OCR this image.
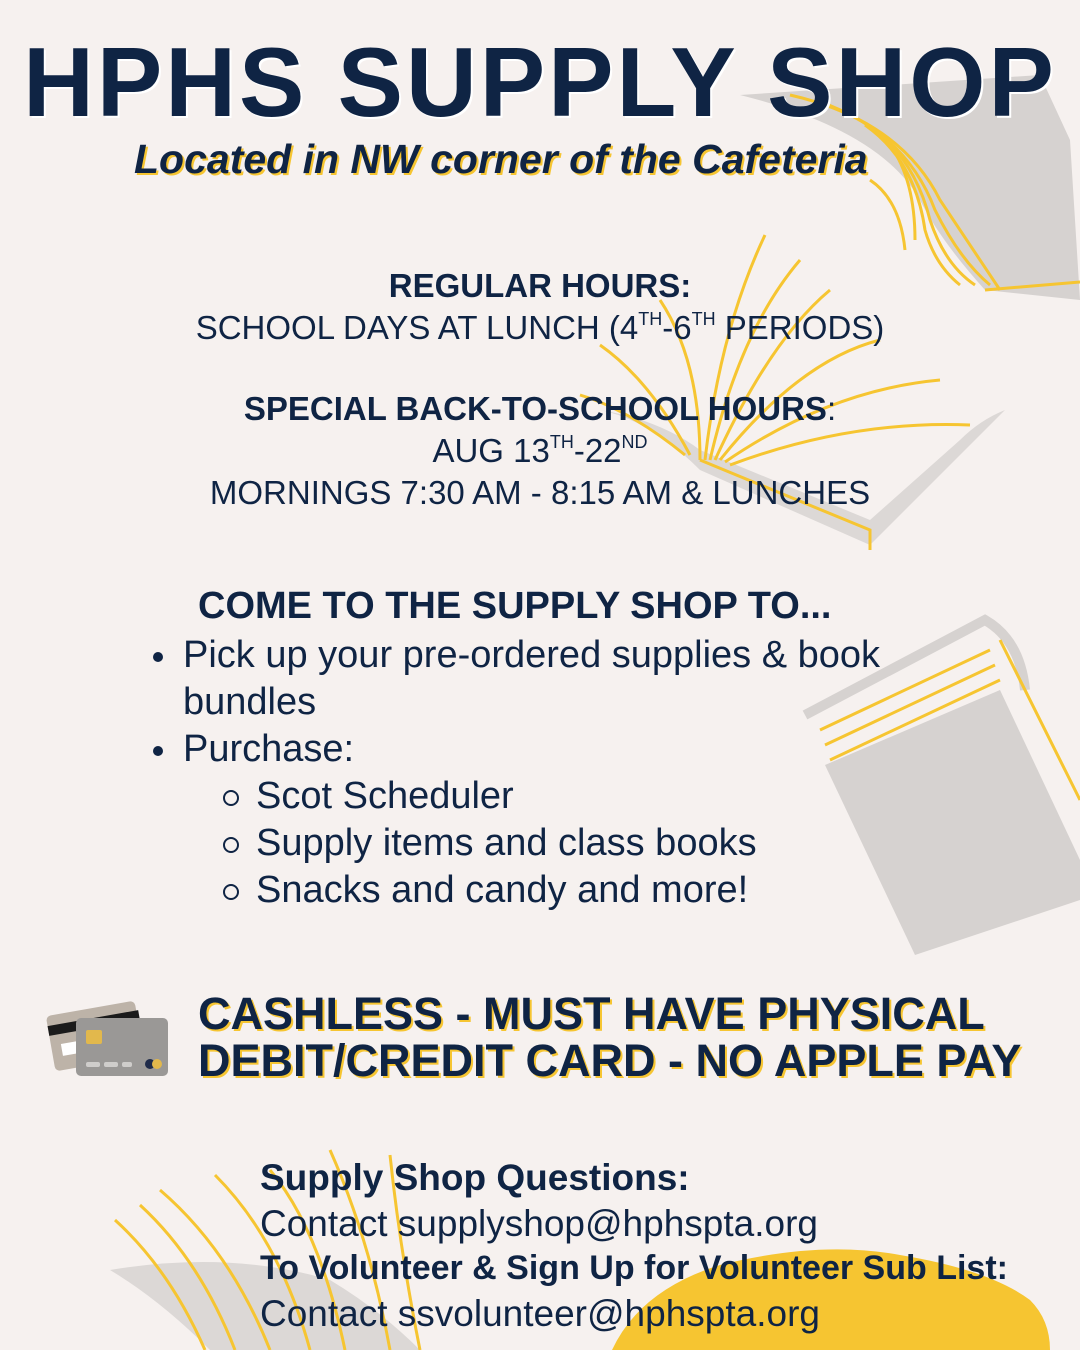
HPHS SUPPLY SHOP

Located in NW corner of the Cafeteria

REGULAR HOURS:
SCHOOL DAYS AT LUNCH (4TH-6TH PERIODS)
SPECIAL BACK-TO-SCHOOL HOURS:
AUG 13TH-22ND
MORNINGS 7:30 AM - 8:15 AM & LUNCHES
COME TO THE SUPPLY SHOP TO...
Pick up your pre-ordered supplies & book
bundles
Purchase:
Scot Scheduler
Supply items and class books
Snacks and candy and more!
CASHLESS - MUST HAVE PHYSICAL
DEBIT/CREDIT CARD - NO APPLE PAY
Supply Shop Questions:
Contact supplyshop@hphspta.org
To Volunteer & Sign Up for Volunteer Sub List:
Contact ssvolunteer@hphspta.org
